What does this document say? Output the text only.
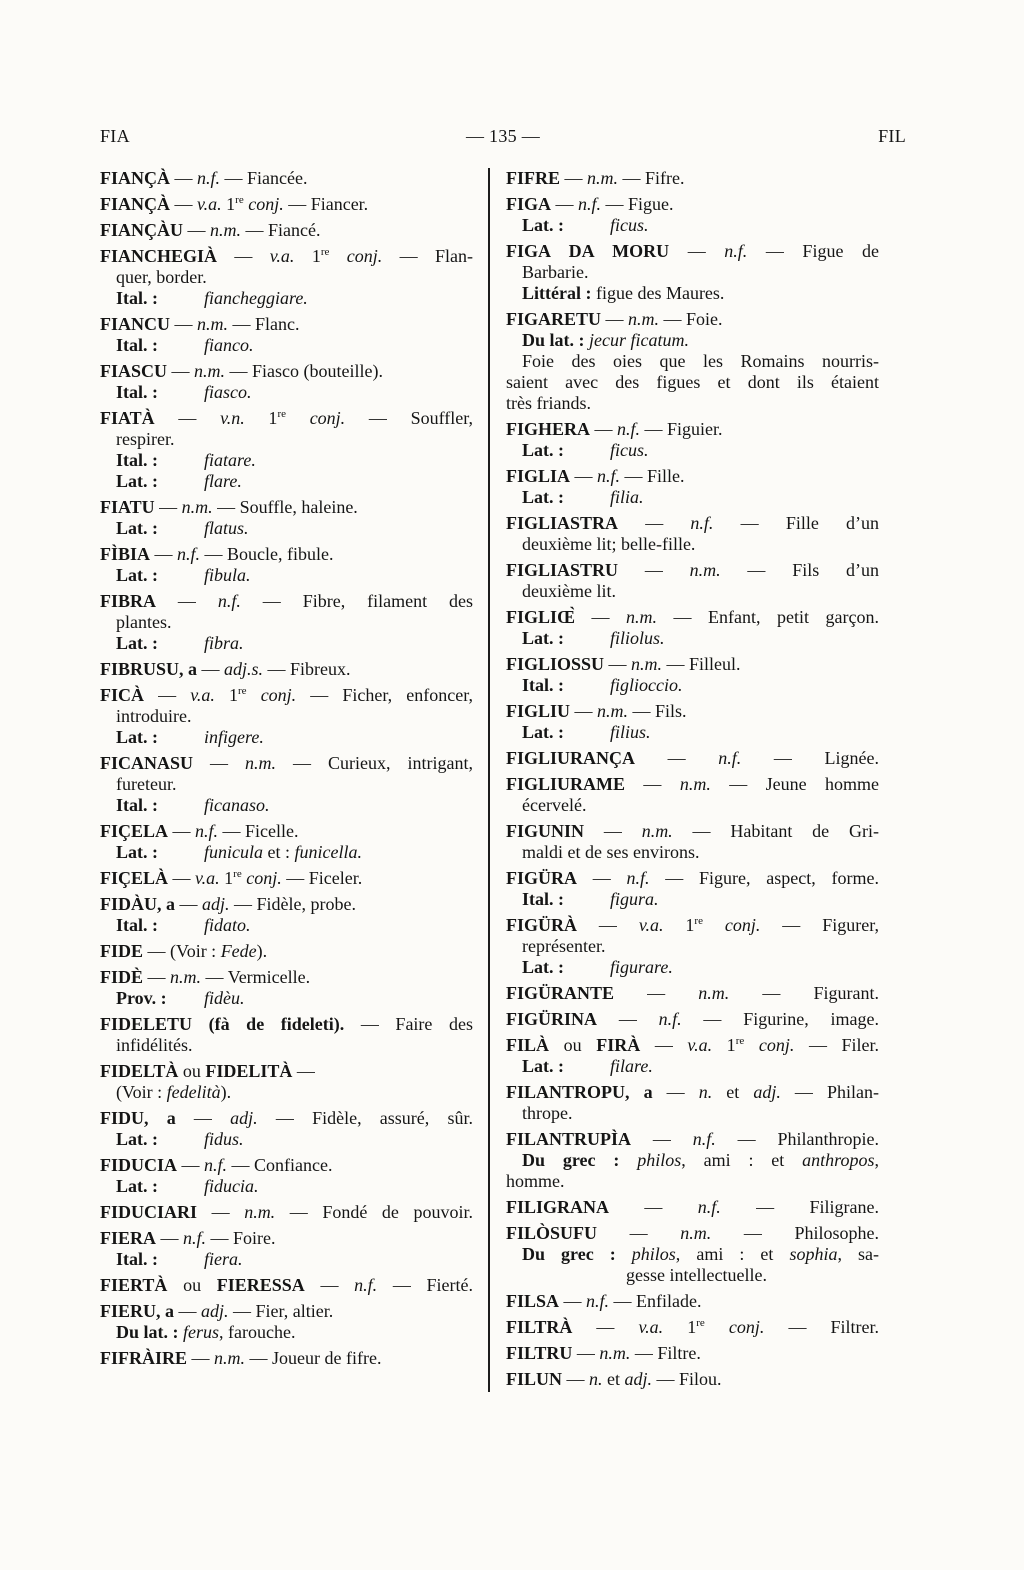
FIA	— 135 —	FIL
FIANÇÀ — n.f. — Fiancée.
FIANÇÀ — v.a. 1re conj. — Fiancer.
FIANÇÀU — n.m. — Fiancé.
FIANCHEGIÀ — v.a. 1re conj. — Flan-
quer, border.
Ital. :	fiancheggiare.
FIANCU — n.m. — Flanc.
Ital. :	fianco.
FIASCU — n.m. — Fiasco (bouteille).
Ital. :	fiasco.
FIATÀ — v.n. 1re conj. — Souffler,
respirer.
Ital. :	fiatare.
Lat. :	flare.
FIATU — n.m. — Souffle, haleine.
Lat. :	flatus.
FÌBIA — n.f. — Boucle, fibule.
Lat. :	fibula.
FIBRA — n.f. — Fibre, filament des
plantes.
Lat. :	fibra.
FIBRUSU, a — adj.s. — Fibreux.
FICÀ — v.a. 1re conj. — Ficher, enfoncer,
introduire.
Lat. :	infigere.
FICANASU — n.m. — Curieux, intrigant,
fureteur.
Ital. :	ficanaso.
FIÇELA — n.f. — Ficelle.
Lat. :	funicula et : funicella.
FIÇELÀ — v.a. 1re conj. — Ficeler.
FIDÀU, a — adj. — Fidèle, probe.
Ital. :	fidato.
FIDE — (Voir : Fede).
FIDÈ — n.m. — Vermicelle.
Prov. : fidèu.
FIDELETU (fà de fideleti). — Faire des
infidélités.
FIDELTÀ ou FIDELITÀ —
(Voir : fedelità).
FIDU, a — adj. — Fidèle, assuré, sûr.
Lat. :	fidus.
FIDUCIA — n.f. — Confiance.
Lat. :	fiducia.
FIDUCIARI — n.m. — Fondé de pouvoir.
FIERA — n.f. — Foire.
Ital. :	fiera.
FIERTÀ ou FIERESSA — n.f. — Fierté.
FIERU, a — adj. — Fier, altier.
Du lat. : ferus, farouche.
FIFRÀIRE — n.m. — Joueur de fifre.
FIFRE — n.m. — Fifre.
FIGA — n.f. — Figue.
Lat. :	ficus.
FIGA DA MORU — n.f. — Figue de
Barbarie.
Littéral : figue des Maures.
FIGARETU — n.m. — Foie.
Du lat. : jecur ficatum.
Foie des oies que les Romains nourris-
saient avec des figues et dont ils étaient
très friands.
FIGHERA — n.f. — Figuier.
Lat. :	ficus.
FIGLIA — n.f. — Fille.
Lat. :	filia.
FIGLIASTRA — n.f. — Fille d’un
deuxième lit; belle-fille.
FIGLIASTRU — n.m. — Fils d’un
deuxième lit.
FIGLIŒ̀ — n.m. — Enfant, petit garçon.
Lat. :	filiolus.
FIGLIOSSU — n.m. — Filleul.
Ital. :	figlioccio.
FIGLIU — n.m. — Fils.
Lat. :	filius.
FIGLIURANÇA — n.f. — Lignée.
FIGLIURAME — n.m. — Jeune homme
écervelé.
FIGUNIN — n.m. — Habitant de Gri-
maldi et de ses environs.
FIGÜRA — n.f. — Figure, aspect, forme.
Ital. :	figura.
FIGÜRÀ — v.a. 1re conj. — Figurer,
représenter.
Lat. :	figurare.
FIGÜRANTE — n.m. — Figurant.
FIGÜRINA — n.f. — Figurine, image.
FILÀ ou FIRÀ — v.a. 1re conj. — Filer.
Lat. :	filare.
FILANTROPU, a — n. et adj. — Philan-
thrope.
FILANTRUPÌA — n.f. — Philanthropie.
Du grec : philos, ami : et anthropos,
homme.
FILIGRANA — n.f. — Filigrane.
FILÒSUFU — n.m. — Philosophe.
Du grec : philos, ami : et sophia, sa-
gesse intellectuelle.
FILSA — n.f. — Enfilade.
FILTRÀ — v.a. 1re conj. — Filtrer.
FILTRU — n.m. — Filtre.
FILUN — n. et adj. — Filou.
